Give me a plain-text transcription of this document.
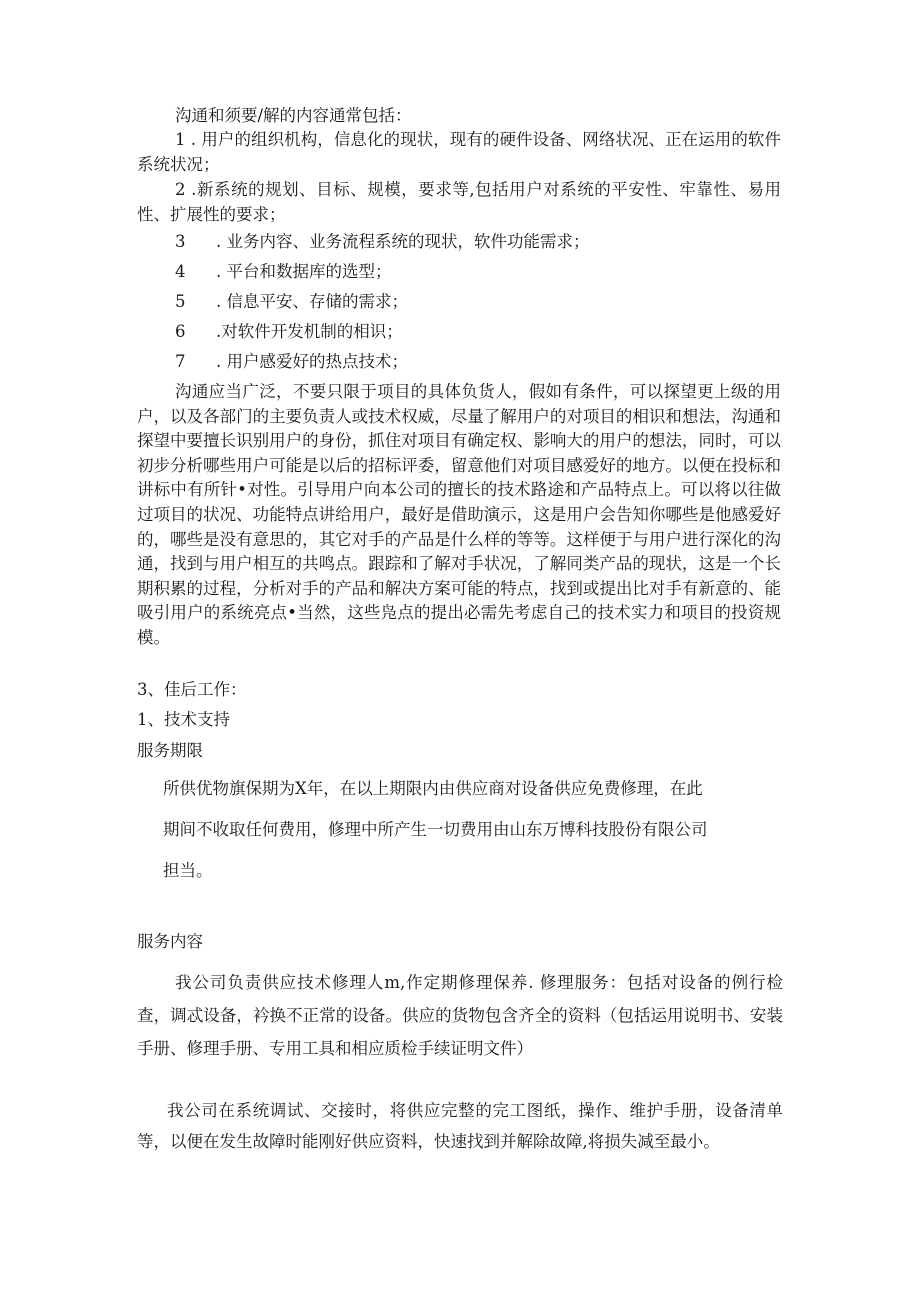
沟通和须要/解的内容通常包括：
1 . 用户的组织机构，信息化的现状，现有的硬件设备、网络状况、正在运用的软件系统状况；
2 .新系统的规划、目标、规模，要求等,包括用户对系统的平安性、牢靠性、易用性、扩展性的要求；
3 . 业务内容、业务流程系统的现状，软件功能需求；
4 . 平台和数据库的选型；
5 . 信息平安、存储的需求；
6 .对软件开发机制的相识；
7 . 用户感爱好的热点技术；
沟通应当广泛，不要只限于项目的具体负货人，假如有条件，可以探望更上级的用户，以及各部门的主要负责人或技术权威，尽量了解用户的对项目的相识和想法，沟通和探望中要擅长识别用户的身份，抓住对项目有确定权、影响大的用户的想法，同时，可以初步分析哪些用户可能是以后的招标评委，留意他们对项目感爱好的地方。以便在投标和讲标中有所针•对性。引导用户向本公司的擅长的技术路途和产品特点上。可以将以往做过项目的状况、功能特点讲给用户，最好是借助演示，这是用户会告知你哪些是他感爱好的，哪些是没有意思的，其它对手的产品是什么样的等等。这样便于与用户进行深化的沟通，找到与用户相互的共鸣点。跟踪和了解对手状况，了解同类产品的现状，这是一个长期积累的过程，分析对手的产品和解决方案可能的特点，找到或提出比对手有新意的、能吸引用户的系统亮点•当然，这些凫点的提出必需先考虑自己的技术实力和项目的投资规模。
3、佳后工作：
1、技术支持
服务期限
所供优物旗保期为X年，在以上期限内由供应商对设备供应免费修理，在此
期间不收取任何费用，修理中所产生一切费用由山东万博科技股份有限公司
担当。
服务内容
我公司负责供应技术修理人m,作定期修理保养. 修理服务：包括对设备的例行检查，调忒设备，衿换不正常的设备。供应的货物包含齐全的资料（包括运用说明书、安装手册、修理手册、专用工具和相应质检手续证明文件）
我公司在系统调试、交接时，将供应完整的完工图纸，操作、维护手册，设备清单等，以便在发生故障时能刚好供应资料，快速找到并解除故障,将损失减至最小。
